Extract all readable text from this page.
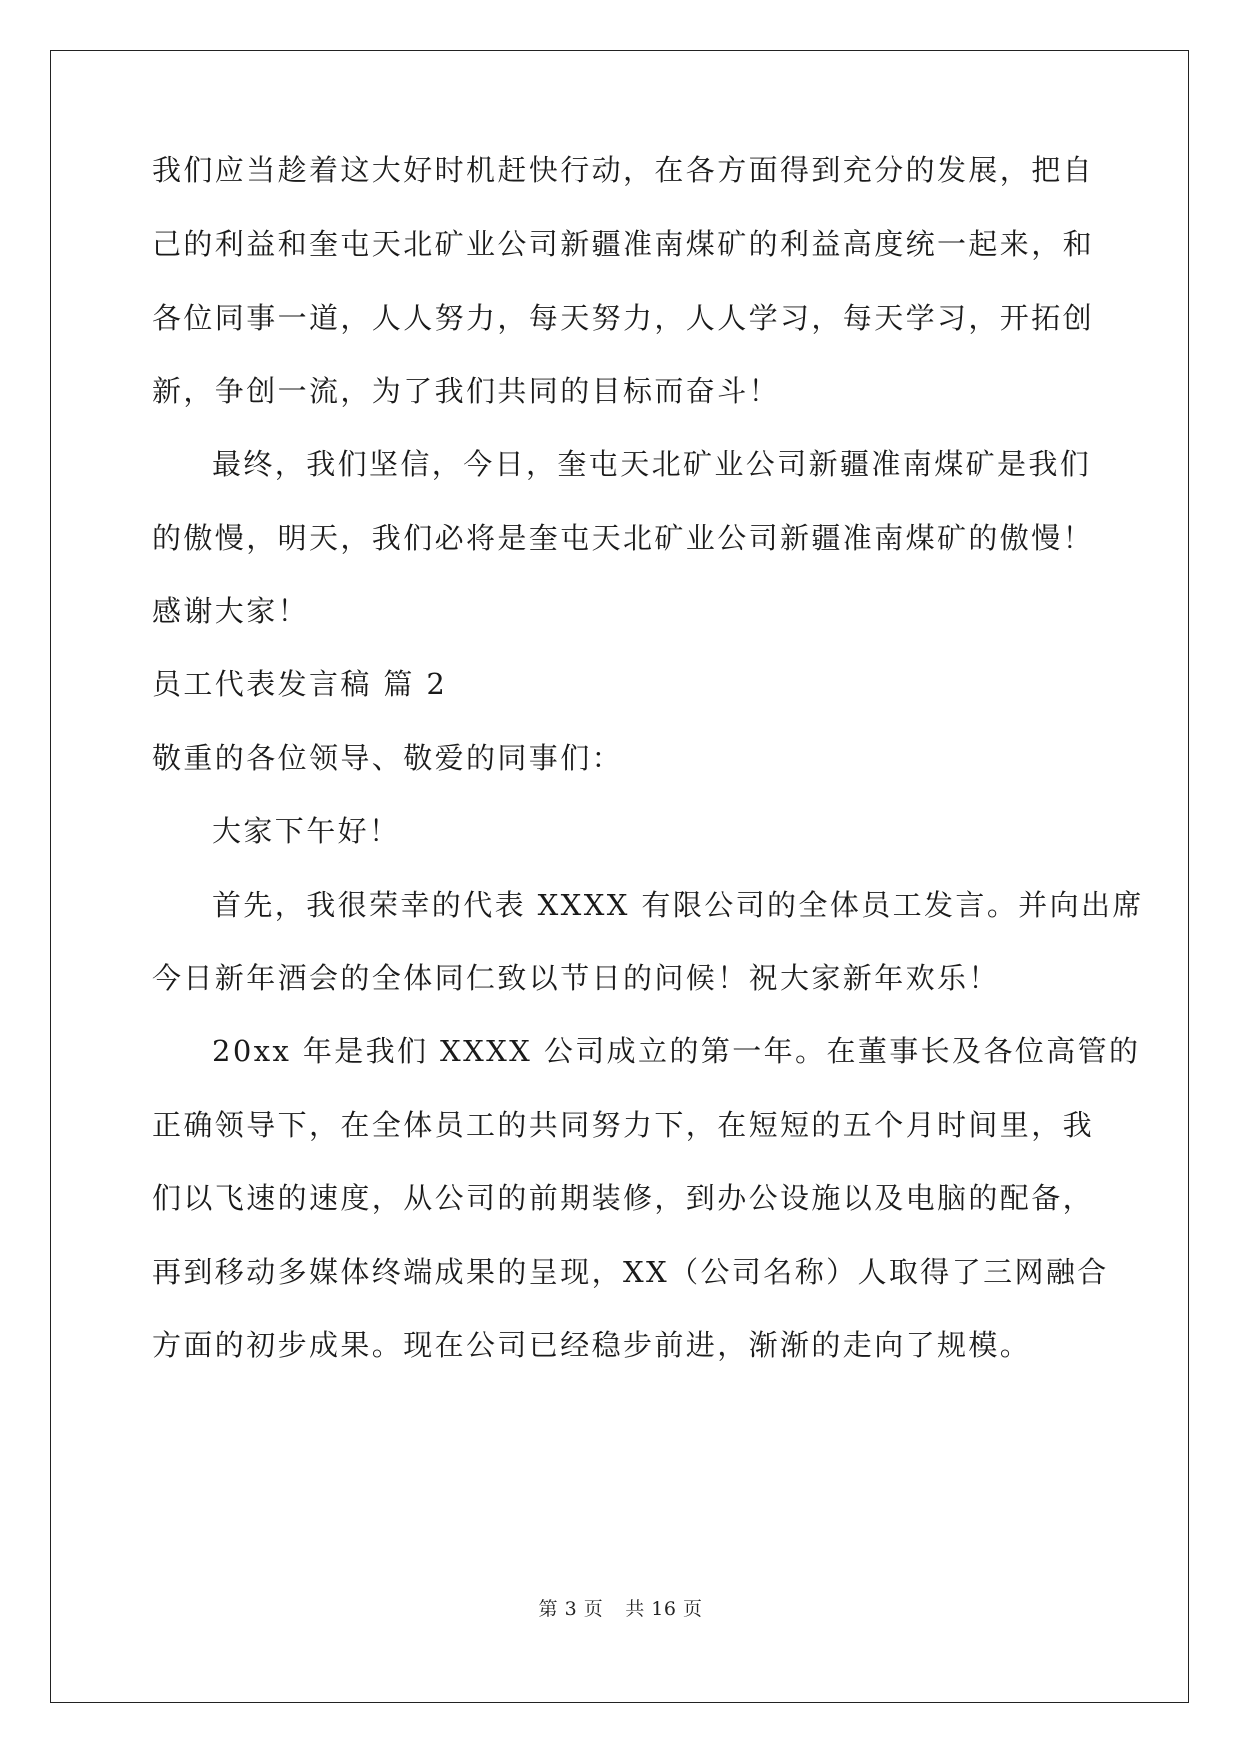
我们应当趁着这大好时机赶快行动，在各方面得到充分的发展，把自
己的利益和奎屯天北矿业公司新疆准南煤矿的利益高度统一起来，和
各位同事一道，人人努力，每天努力，人人学习，每天学习，开拓创
新，争创一流，为了我们共同的目标而奋斗！
最终，我们坚信，今日，奎屯天北矿业公司新疆准南煤矿是我们
的傲慢，明天，我们必将是奎屯天北矿业公司新疆准南煤矿的傲慢！
感谢大家！
员工代表发言稿 篇 2
敬重的各位领导、敬爱的同事们：
大家下午好！
首先，我很荣幸的代表 XXXX 有限公司的全体员工发言。并向出席
今日新年酒会的全体同仁致以节日的问候！祝大家新年欢乐！
20xx 年是我们 XXXX 公司成立的第一年。在董事长及各位高管的
正确领导下，在全体员工的共同努力下，在短短的五个月时间里，我
们以飞速的速度，从公司的前期装修，到办公设施以及电脑的配备，
再到移动多媒体终端成果的呈现，XX（公司名称）人取得了三网融合
方面的初步成果。现在公司已经稳步前进，渐渐的走向了规模。
第 3 页 共 16 页
